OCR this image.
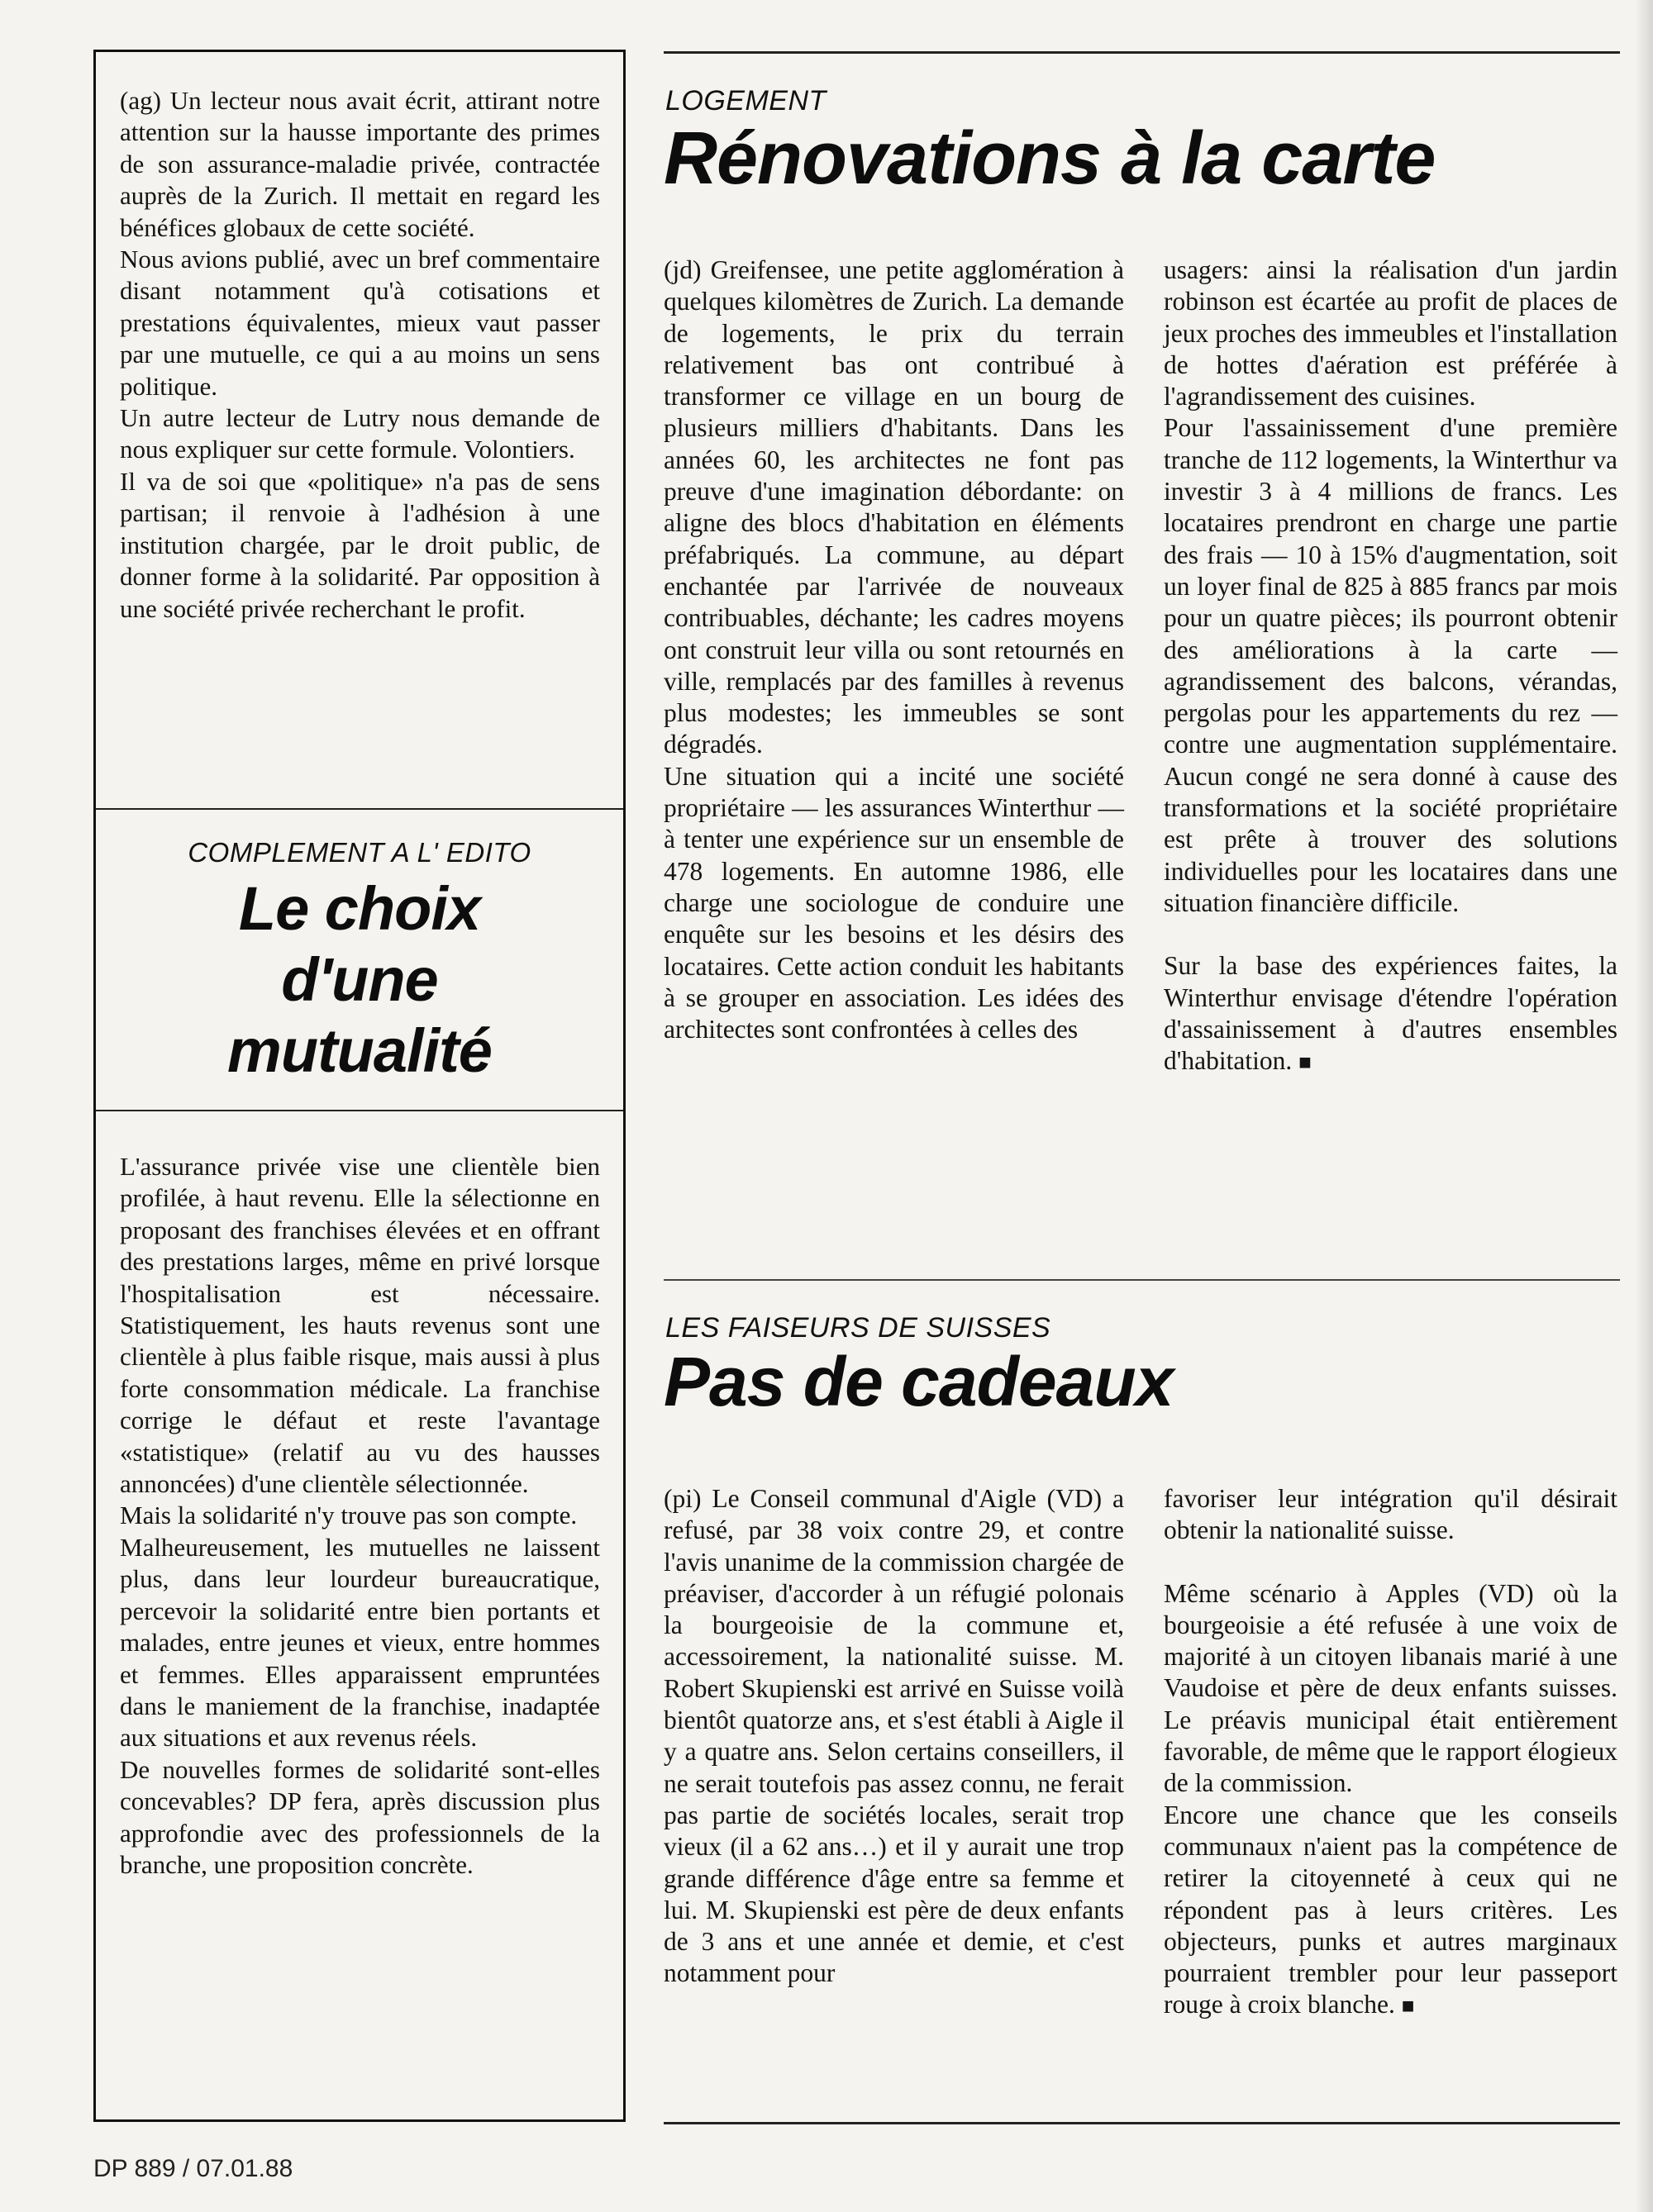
(ag) Un lecteur nous avait écrit, attirant notre attention sur la hausse importante des primes de son assurance-maladie privée, contractée auprès de la Zurich. Il mettait en regard les bénéfices globaux de cette société.

Nous avions publié, avec un bref commentaire disant notamment qu'à cotisations et prestations équivalentes, mieux vaut passer par une mutuelle, ce qui a au moins un sens politique.

Un autre lecteur de Lutry nous demande de nous expliquer sur cette formule. Volontiers.

Il va de soi que «politique» n'a pas de sens partisan; il renvoie à l'adhésion à une institution chargée, par le droit public, de donner forme à la solidarité. Par opposition à une société privée recherchant le profit.

COMPLEMENT A L' EDITO
Le choix
d'une
mutualité

L'assurance privée vise une clientèle bien profilée, à haut revenu. Elle la sélectionne en proposant des franchises élevées et en offrant des prestations larges, même en privé lorsque l'hospitalisation est nécessaire. Statistiquement, les hauts revenus sont une clientèle à plus faible risque, mais aussi à plus forte consommation médicale. La franchise corrige le défaut et reste l'avantage «statistique» (relatif au vu des hausses annoncées) d'une clientèle sélectionnée.

Mais la solidarité n'y trouve pas son compte.

Malheureusement, les mutuelles ne laissent plus, dans leur lourdeur bureaucratique, percevoir la solidarité entre bien portants et malades, entre jeunes et vieux, entre hommes et femmes. Elles apparaissent empruntées dans le maniement de la franchise, inadaptée aux situations et aux revenus réels.

De nouvelles formes de solidarité sont-elles concevables? DP fera, après discussion plus approfondie avec des professionnels de la branche, une proposition concrète.

LOGEMENT
Rénovations à la carte

(jd) Greifensee, une petite agglomération à quelques kilomètres de Zurich. La demande de logements, le prix du terrain relativement bas ont contribué à transformer ce village en un bourg de plusieurs milliers d'habitants. Dans les années 60, les architectes ne font pas preuve d'une imagination débordante: on aligne des blocs d'habitation en éléments préfabriqués. La commune, au départ enchantée par l'arrivée de nouveaux contribuables, déchante; les cadres moyens ont construit leur villa ou sont retournés en ville, remplacés par des familles à revenus plus modestes; les immeubles se sont dégradés.

Une situation qui a incité une société propriétaire — les assurances Winterthur — à tenter une expérience sur un ensemble de 478 logements. En automne 1986, elle charge une sociologue de conduire une enquête sur les besoins et les désirs des locataires. Cette action conduit les habitants à se grouper en association. Les idées des architectes sont confrontées à celles des

usagers: ainsi la réalisation d'un jardin robinson est écartée au profit de places de jeux proches des immeubles et l'installation de hottes d'aération est préférée à l'agrandissement des cuisines.

Pour l'assainissement d'une première tranche de 112 logements, la Winterthur va investir 3 à 4 millions de francs. Les locataires prendront en charge une partie des frais — 10 à 15% d'augmentation, soit un loyer final de 825 à 885 francs par mois pour un quatre pièces; ils pourront obtenir des améliorations à la carte — agrandissement des balcons, vérandas, pergolas pour les appartements du rez — contre une augmentation supplémentaire. Aucun congé ne sera donné à cause des transformations et la société propriétaire est prête à trouver des solutions individuelles pour les locataires dans une situation financière difficile.

Sur la base des expériences faites, la Winterthur envisage d'étendre l'opération d'assainissement à d'autres ensembles d'habitation. ■

LES FAISEURS DE SUISSES
Pas de cadeaux

(pi) Le Conseil communal d'Aigle (VD) a refusé, par 38 voix contre 29, et contre l'avis unanime de la commission chargée de préaviser, d'accorder à un réfugié polonais la bourgeoisie de la commune et, accessoirement, la nationalité suisse. M. Robert Skupienski est arrivé en Suisse voilà bientôt quatorze ans, et s'est établi à Aigle il y a quatre ans. Selon certains conseillers, il ne serait toutefois pas assez connu, ne ferait pas partie de sociétés locales, serait trop vieux (il a 62 ans…) et il y aurait une trop grande différence d'âge entre sa femme et lui. M. Skupienski est père de deux enfants de 3 ans et une année et demie, et c'est notamment pour

favoriser leur intégration qu'il désirait obtenir la nationalité suisse.

Même scénario à Apples (VD) où la bourgeoisie a été refusée à une voix de majorité à un citoyen libanais marié à une Vaudoise et père de deux enfants suisses. Le préavis municipal était entièrement favorable, de même que le rapport élogieux de la commission.

Encore une chance que les conseils communaux n'aient pas la compétence de retirer la citoyenneté à ceux qui ne répondent pas à leurs critères. Les objecteurs, punks et autres marginaux pourraient trembler pour leur passeport rouge à croix blanche. ■

DP 889 / 07.01.88
